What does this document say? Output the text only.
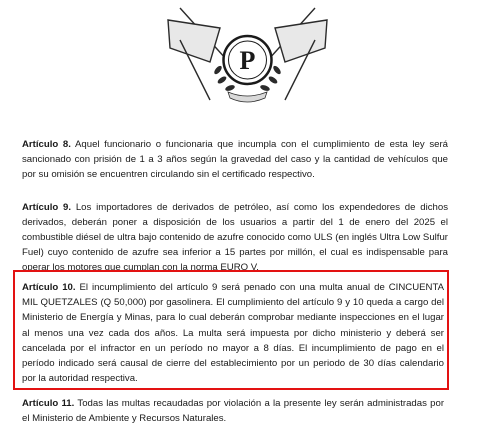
P

Artículo 8. Aquel funcionario o funcionaria que incumpla con el cumplimiento de esta ley será sancionado con prisión de 1 a 3 años según la gravedad del caso y la cantidad de vehículos que por su omisión se encuentren circulando sin el certificado respectivo.

Artículo 9. Los importadores de derivados de petróleo, así como los expendedores de dichos derivados, deberán poner a disposición de los usuarios a partir del 1 de enero del 2025 el combustible diésel de ultra bajo contenido de azufre conocido como ULS (en inglés Ultra Low Sulfur Fuel) cuyo contenido de azufre sea inferior a 15 partes por millón, el cual es indispensable para operar los motores que cumplan con la norma EURO V.

Artículo 10. El incumplimiento del artículo 9 será penado con una multa anual de CINCUENTA MIL QUETZALES (Q 50,000) por gasolinera. El cumplimiento del artículo 9 y 10 queda a cargo del Ministerio de Energía y Minas, para lo cual deberán comprobar mediante inspecciones en el lugar al menos una vez cada dos años. La multa será impuesta por dicho ministerio y deberá ser cancelada por el infractor en un período no mayor a 8 días. El incumplimiento de pago en el período indicado será causal de cierre del establecimiento por un periodo de 30 días calendario por la autoridad respectiva.

Artículo 11. Todas las multas recaudadas por violación a la presente ley serán administradas por el Ministerio de Ambiente y Recursos Naturales.
